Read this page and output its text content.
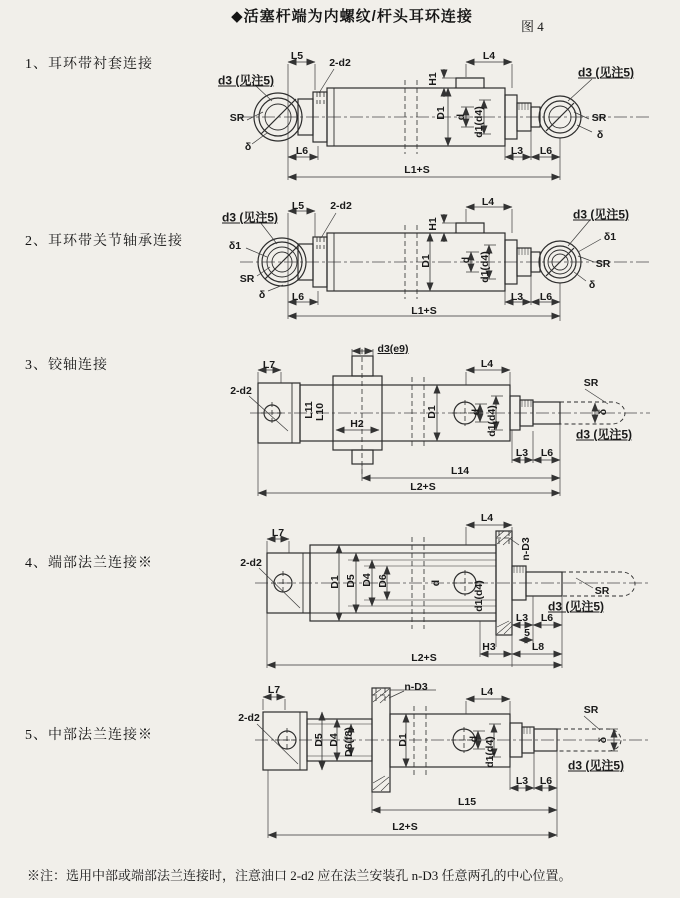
◆活塞杆端为内螺纹/杆头耳环连接
图 4
1、耳环带衬套连接
2、耳环带关节轴承连接
3、铰轴连接
4、端部法兰连接※
5、中部法兰连接※
L5
2-d2
d3 (见注5)
SR
δ	L6
H1
L4
D1 d d1(d4)
d3 (见注5)
SR
δ
L3 L6
L1+S
d3 (见注5)
δ1
SR
δ
L5 2-d2
L6
H1
L4
D1	d d1(d4)
d3 (见注5)
δ1
SR
δ
L3 L6
L1+S
L7
2-d2
L11 L10
d3(e9)
H2
D1
L4
d d1(d4)
SR
δ
d3 (见注5)
L3 L6
L14
L2+S
L7
2-d2
D1 D5 D4 D6
L4
n-D3
d	d1(d4)	SR
d3 (见注5)
L3 L6
5
H3	L8
L2+S
L7
2-d2
n-D3
D5 D4 D6(f8)	D1
L4
d d1(d4)
SR
δ
d3 (见注5)
L3 L6
L15
L2+S
※注：选用中部或端部法兰连接时，注意油口 2-d2 应在法兰安装孔 n-D3 任意两孔的中心位置。
